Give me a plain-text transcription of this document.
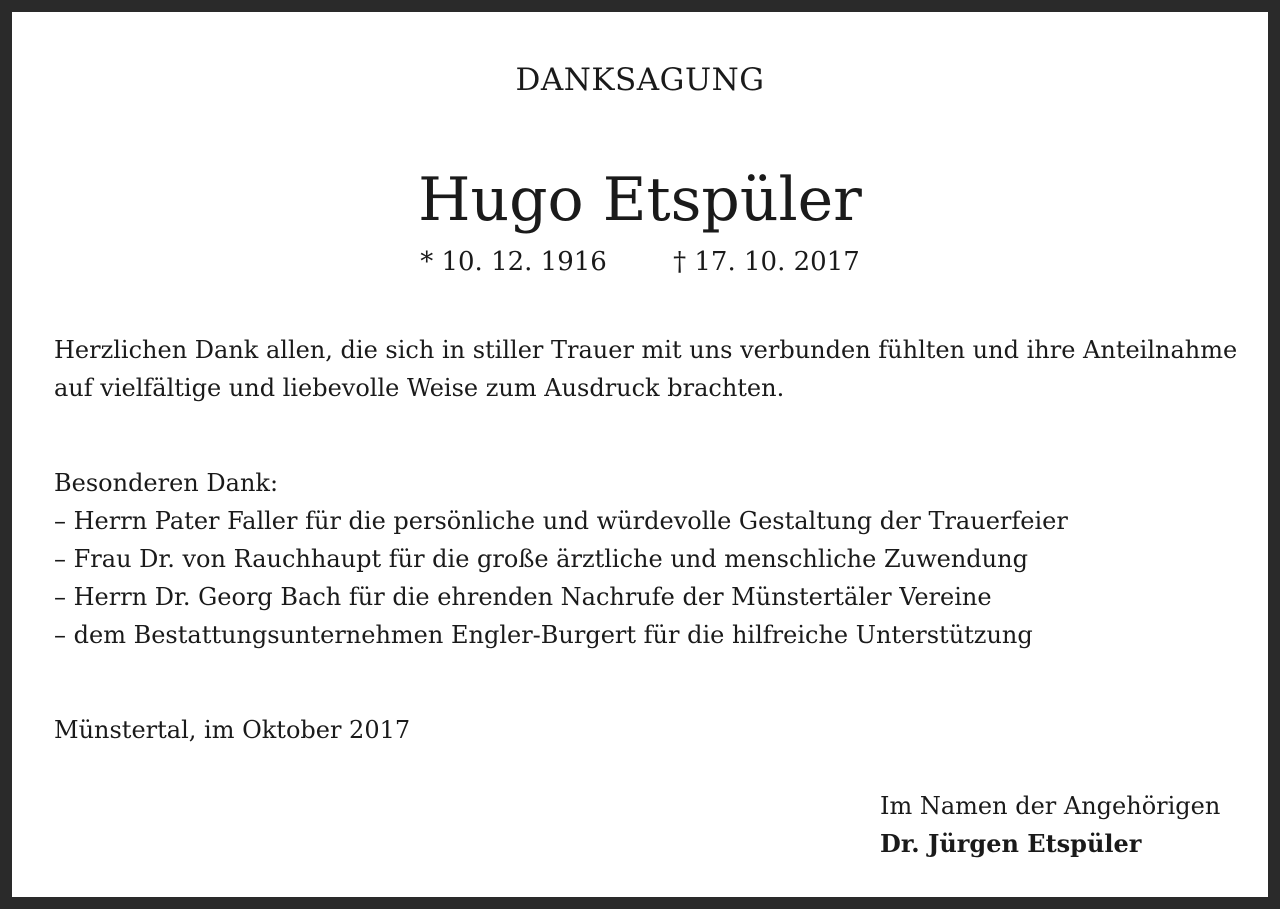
DANKSAGUNG
Hugo Etspüler
* 10. 12. 1916	† 17. 10. 2017
Herzlichen Dank allen, die sich in stiller Trauer mit uns verbunden fühlten und ihre Anteilnahme
auf vielfältige und liebevolle Weise zum Ausdruck brachten.
Besonderen Dank:
– Herrn Pater Faller für die persönliche und würdevolle Gestaltung der Trauerfeier
– Frau Dr. von Rauchhaupt für die große ärztliche und menschliche Zuwendung
– Herrn Dr. Georg Bach für die ehrenden Nachrufe der Münstertäler Vereine
– dem Bestattungsunternehmen Engler-Burgert für die hilfreiche Unterstützung
Münstertal, im Oktober 2017
Im Namen der Angehörigen
Dr. Jürgen Etspüler
